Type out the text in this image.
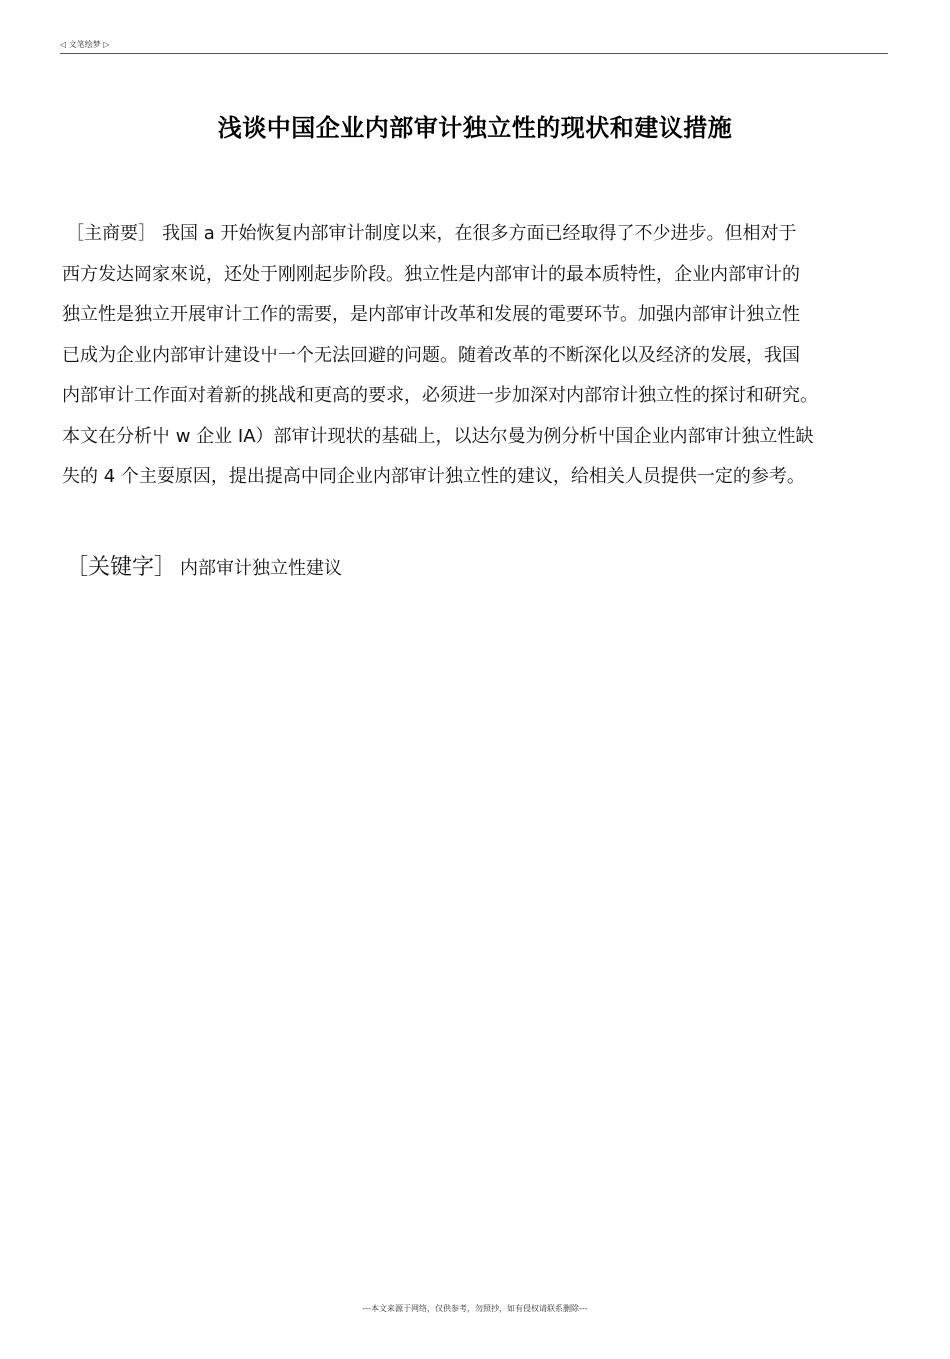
◁ 文笔绘梦 ▷
浅谈中国企业内部审计独立性的现状和建议措施
［主商要］ 我国 a 开始恢复内部审计制度以来，在很多方面已经取得了不少进步。但相对于
西方发达岡家來说，还处于刚刚起步阶段。独立性是内部审计的最本质特性，企业内部审计的
独立性是独立开展审计工作的需要，是内部审计改革和发展的電要环节。加强内部审计独立性
已成为企业内部审计建设屮一个无法回避的问题。随着改革的不断深化以及经济的发展，我国
内部审计工作面对着新的挑战和更高的要求，必须进一步加深对内部帘计独立性的探讨和研究。
本文在分析屮 w 企业 IA）部审计现状的基础上，以达尔曼为例分析屮国企业内部审计独立性缺
失的 4 个主耍原因，提出提高中同企业内部审计独立性的建议，给相关人员提供一定的参考。
［关键字］ 内部审计独立性建议
---本文来源于网络，仅供参考，勿照抄，如有侵权请联系删除---
